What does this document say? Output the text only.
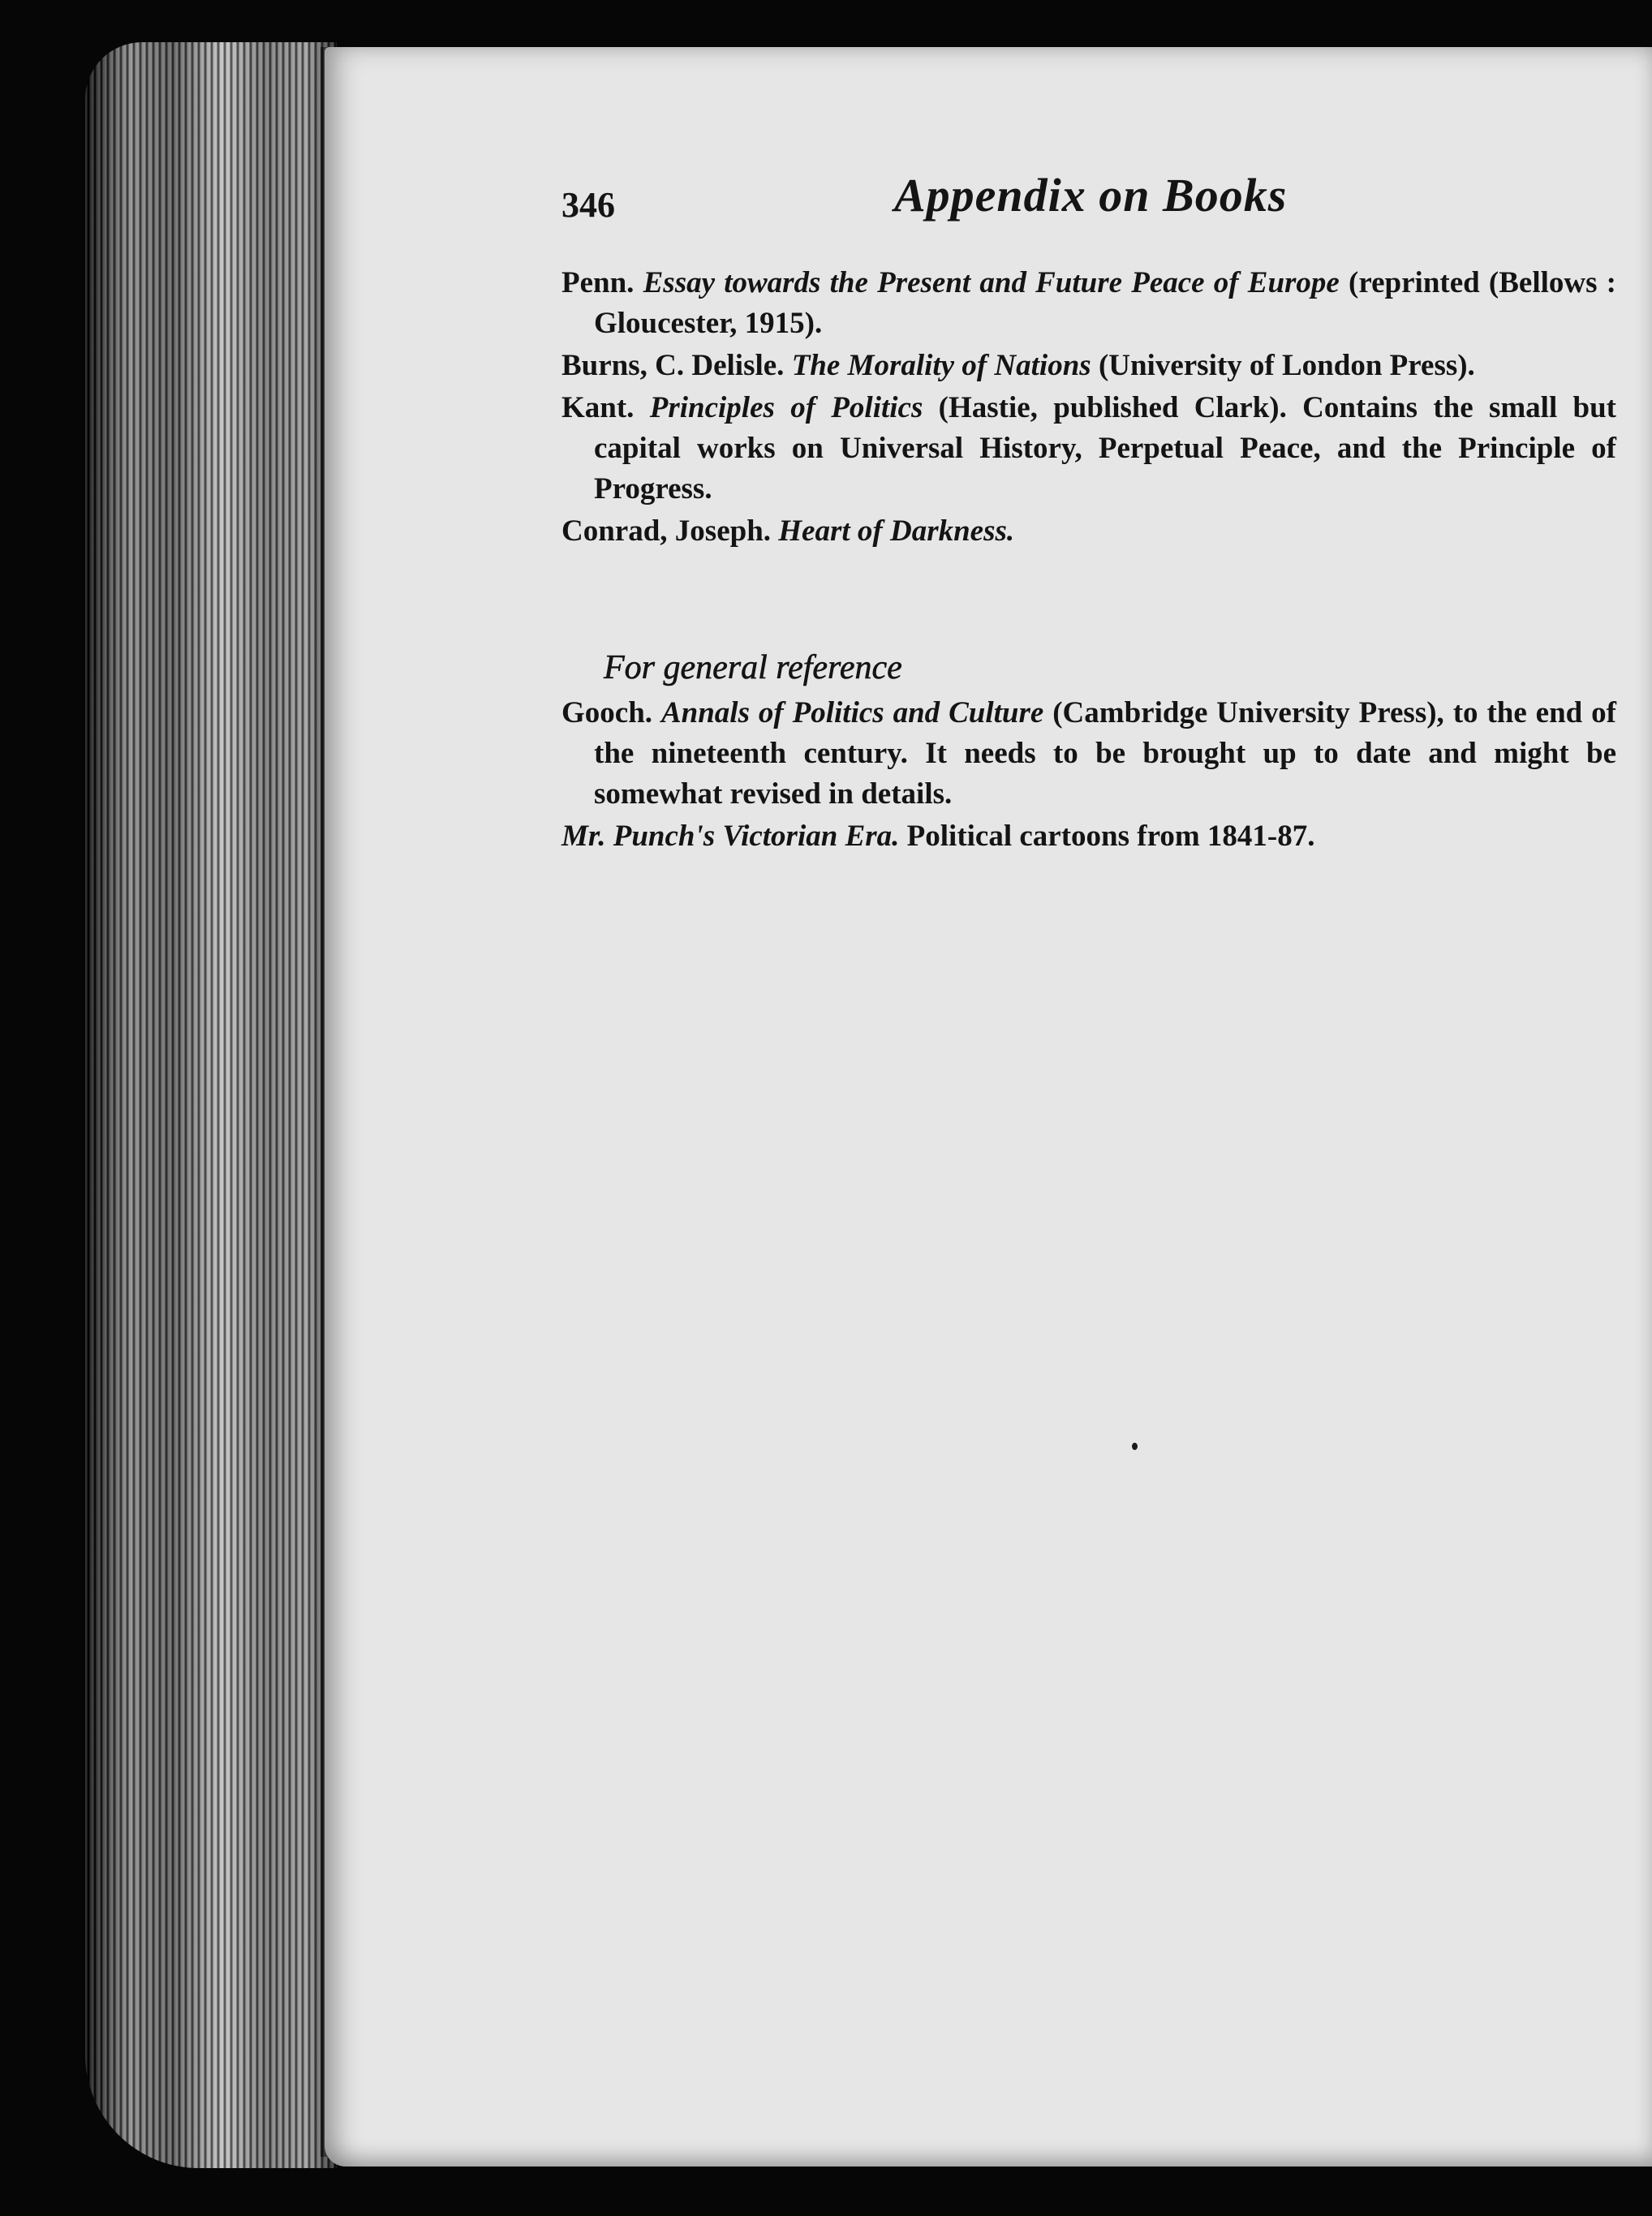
346	Appendix on Books

Penn. Essay towards the Present and Future Peace of Europe (reprinted (Bellows : Gloucester, 1915).

Burns, C. Delisle. The Morality of Nations (University of London Press).

Kant. Principles of Politics (Hastie, published Clark). Contains the small but capital works on Universal History, Perpetual Peace, and the Principle of Progress.

Conrad, Joseph. Heart of Darkness.

For general reference

Gooch. Annals of Politics and Culture (Cambridge University Press), to the end of the nineteenth century. It needs to be brought up to date and might be somewhat revised in details.

Mr. Punch's Victorian Era. Political cartoons from 1841-87.
